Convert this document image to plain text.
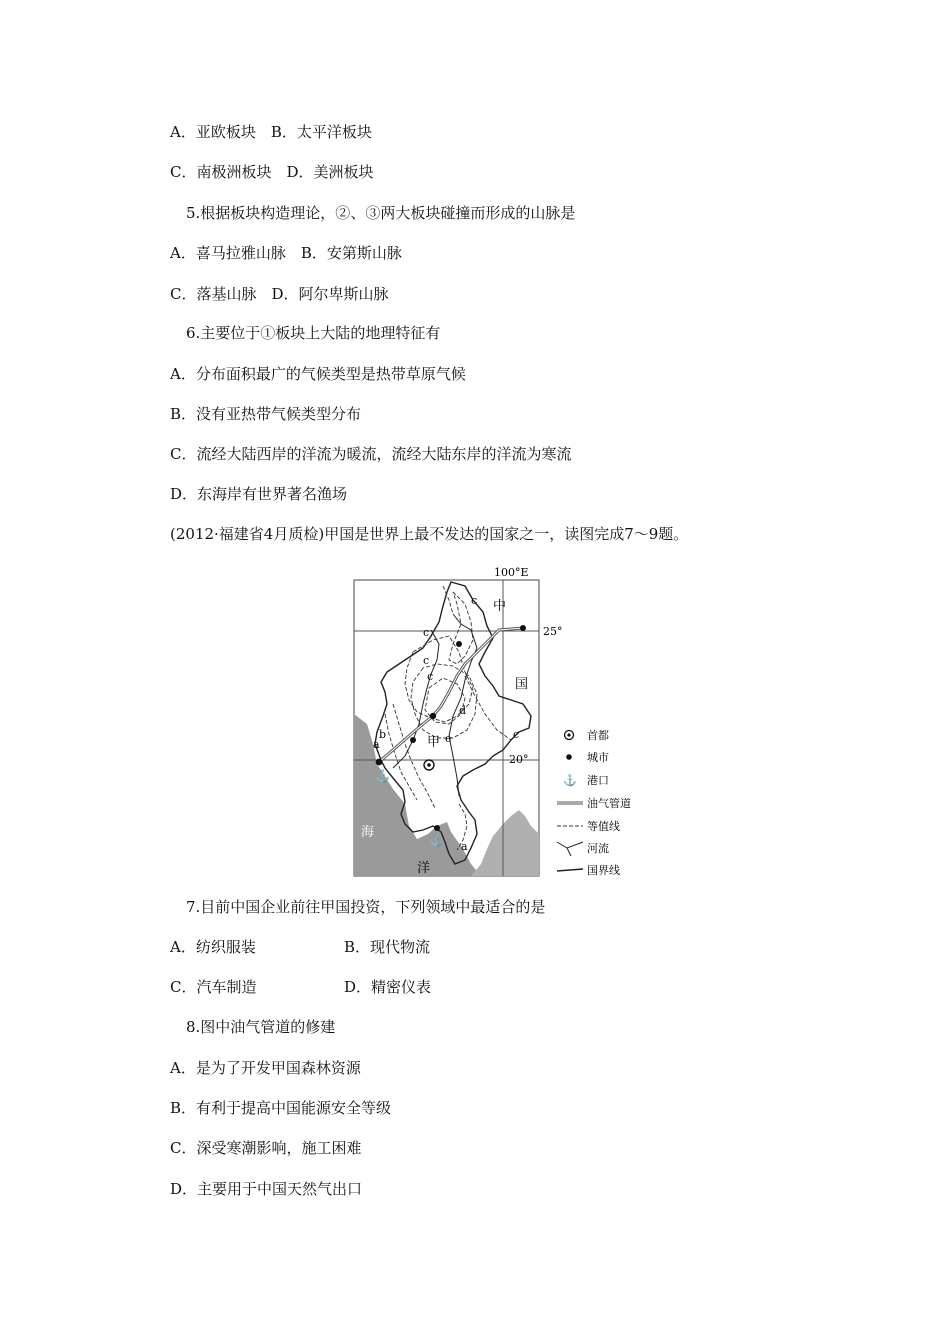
A．亚欧板块　B．太平洋板块
C．南极洲板块　D．美洲板块
5.根据板块构造理论，②、③两大板块碰撞而形成的山脉是
A．喜马拉雅山脉　B．安第斯山脉
C．落基山脉　D．阿尔卑斯山脉
6.主要位于①板块上大陆的地理特征有
A．分布面积最广的气候类型是热带草原气候
B．没有亚热带气候类型分布
C．流经大陆西岸的洋流为暖流，流经大陆东岸的洋流为寒流
D．东海岸有世界著名渔场
(2012·福建省4月质检)甲国是世界上最不发达的国家之一，读图完成7～9题。
⚓
⚓
100°E
25°
20°
中
国
甲
海
洋
a
a
b
c
c
c
c
c
d
e	首都
城市
⚓ 港口
油气管道
等值线
河流
国界线
7.目前中国企业前往甲国投资，下列领域中最适合的是
A．纺织服装	B．现代物流
C．汽车制造	D．精密仪表
8.图中油气管道的修建
A．是为了开发甲国森林资源
B．有利于提高中国能源安全等级
C．深受寒潮影响，施工困难
D．主要用于中国天然气出口
